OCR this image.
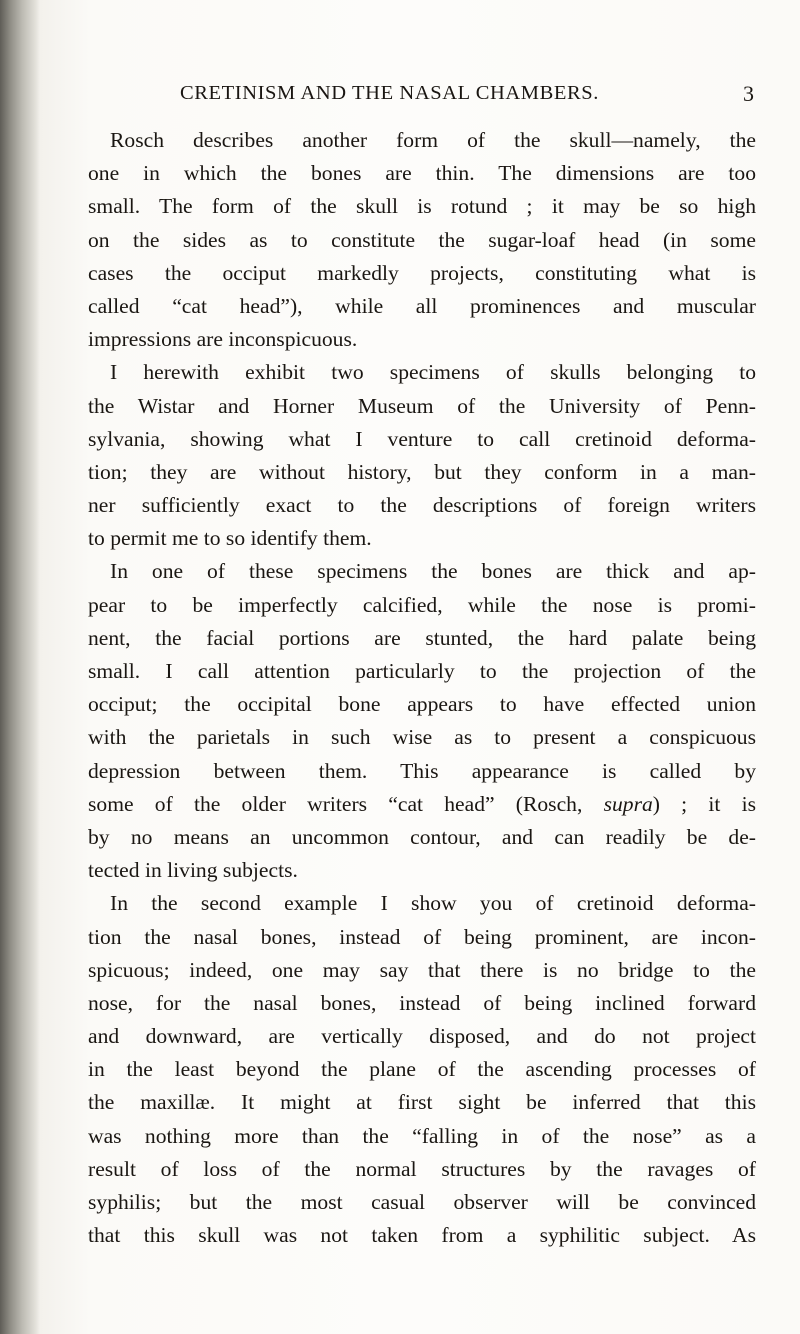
CRETINISM AND THE NASAL CHAMBERS.	3
Rosch describes another form of the skull—namely, the
one in which the bones are thin. The dimensions are too
small. The form of the skull is rotund ; it may be so high
on the sides as to constitute the sugar-loaf head (in some
cases the occiput markedly projects, constituting what is
called “cat head”), while all prominences and muscular
impressions are inconspicuous.
I herewith exhibit two specimens of skulls belonging to
the Wistar and Horner Museum of the University of Penn-
sylvania, showing what I venture to call cretinoid deforma-
tion; they are without history, but they conform in a man-
ner sufficiently exact to the descriptions of foreign writers
to permit me to so identify them.
In one of these specimens the bones are thick and ap-
pear to be imperfectly calcified, while the nose is promi-
nent, the facial portions are stunted, the hard palate being
small. I call attention particularly to the projection of the
occiput; the occipital bone appears to have effected union
with the parietals in such wise as to present a conspicuous
depression between them. This appearance is called by
some of the older writers “cat head” (Rosch, supra) ; it is
by no means an uncommon contour, and can readily be de-
tected in living subjects.
In the second example I show you of cretinoid deforma-
tion the nasal bones, instead of being prominent, are incon-
spicuous; indeed, one may say that there is no bridge to the
nose, for the nasal bones, instead of being inclined forward
and downward, are vertically disposed, and do not project
in the least beyond the plane of the ascending processes of
the maxillæ. It might at first sight be inferred that this
was nothing more than the “falling in of the nose” as a
result of loss of the normal structures by the ravages of
syphilis; but the most casual observer will be convinced
that this skull was not taken from a syphilitic subject. As
